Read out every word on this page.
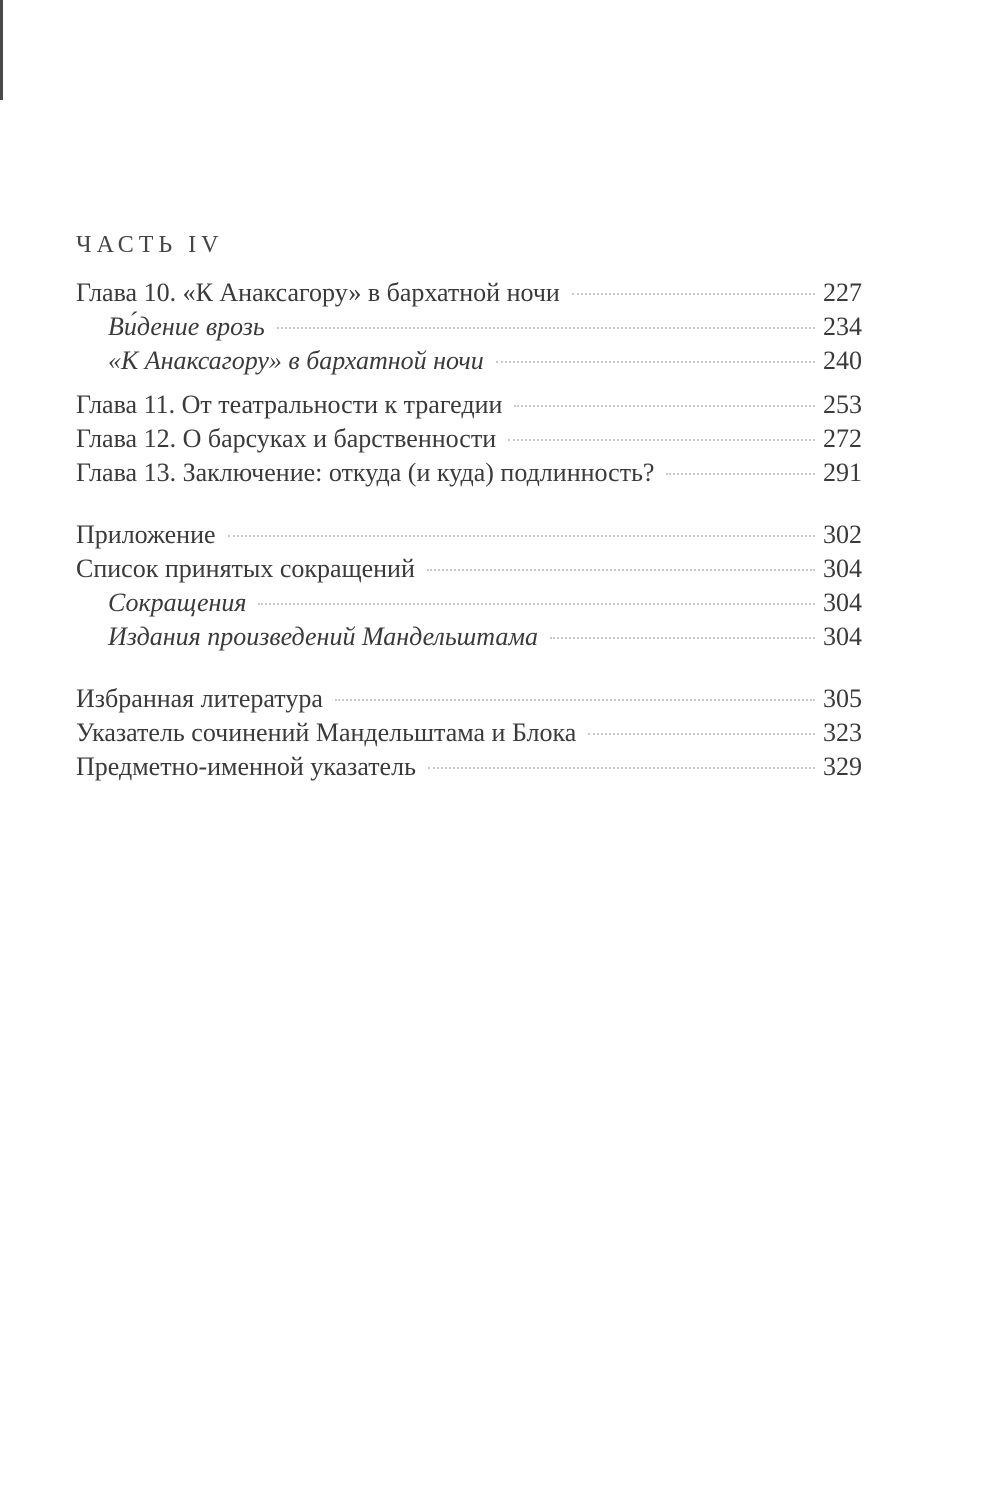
ЧАСТЬ IV
Глава 10. «К Анаксагору» в бархатной ночи	227
Ви́дение врозь	234
«К Анаксагору» в бархатной ночи	240
Глава 11. От театральности к трагедии	253
Глава 12. О барсуках и барственности	272
Глава 13. Заключение: откуда (и куда) подлинность?	291
Приложение	302
Список принятых сокращений	304
Сокращения	304
Издания произведений Мандельштама	304
Избранная литература	305
Указатель сочинений Мандельштама и Блока	323
Предметно-именной указатель	329
